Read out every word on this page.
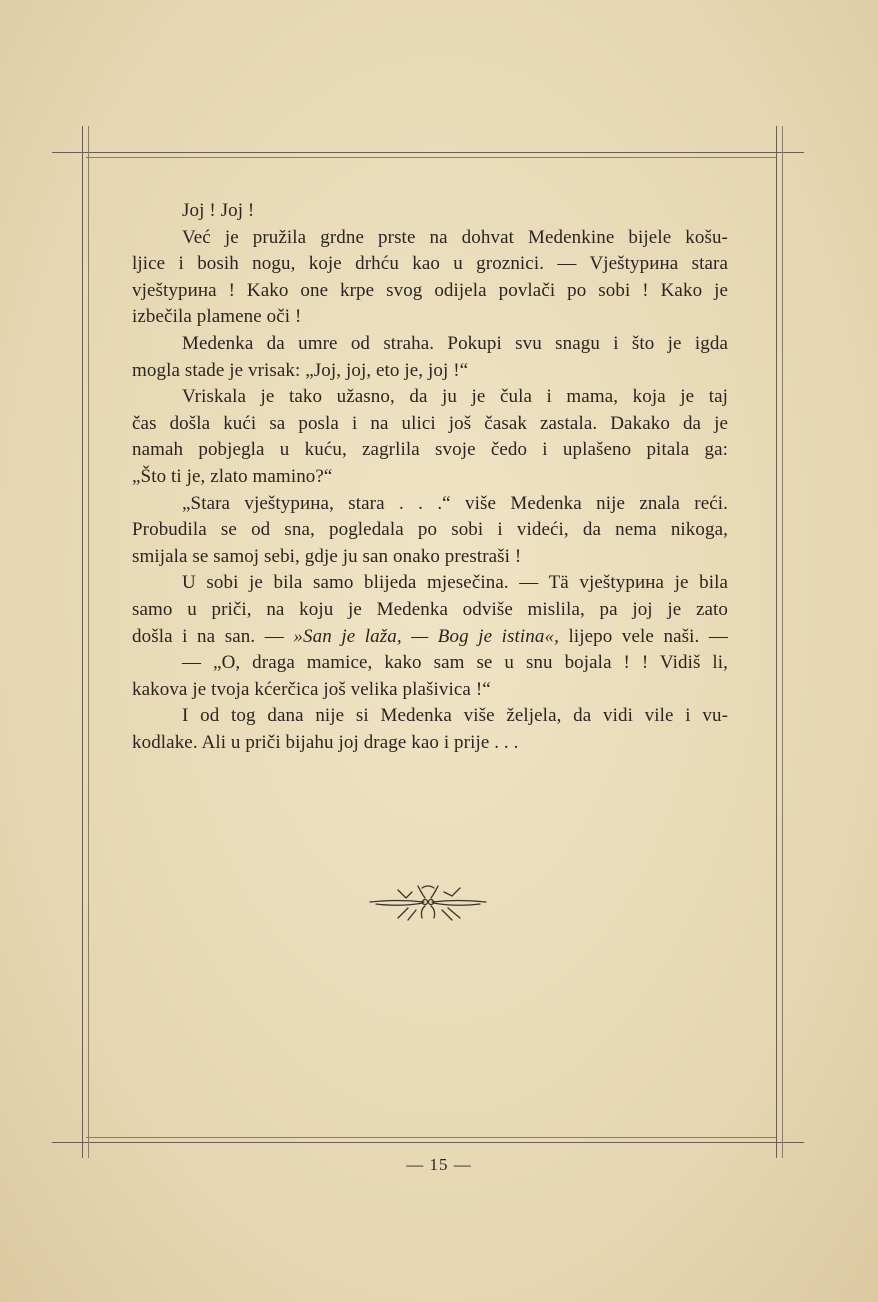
Joj ! Joj !

Već je pružila grdne prste na dohvat Medenkine bijele košu-

ljice i bosih nogu, koje drhću kao u groznici. — Vještурина stara
vještурина ! Kako one krpe svog odijela povlači po sobi ! Kako je
izbečila plamene oči !

Medenka da umre od straha. Pokupi svu snagu i što je igda

mogla stade je vrisak: „Joj, joj, eto je, joj !“

Vriskala je tako užasno, da ju je čula i mama, koja je taj

čas došla kući sa posla i na ulici još časak zastala. Dakako da je
namah pobjegla u kuću, zagrlila svoje čedo i uplašeno pitala ga:
„Što ti je, zlato mamino?“

„Stara vještурина, stara . . .“ više Medenka nije znala reći.

Probudila se od sna, pogledala po sobi i videći, da nema nikoga,
smijala se samoj sebi, gdje ju san onako prestraši !

U sobi je bila samo blijeda mjesečina. — Tä vještурина je bila

samo u priči, na koju je Medenka odviše mislila, pa joj je zato
došla i na san. — »San je laža, — Bog je istina«, lijepo vele naši. —

— „O, draga mamice, kako sam se u snu bojala ! ! Vidiš li,

kakova je tvoja kćerčica još velika plašivica !“

I od tog dana nije si Medenka više željela, da vidi vile i vu-

kodlake. Ali u priči bijahu joj drage kao i prije . . .

— 15 —
